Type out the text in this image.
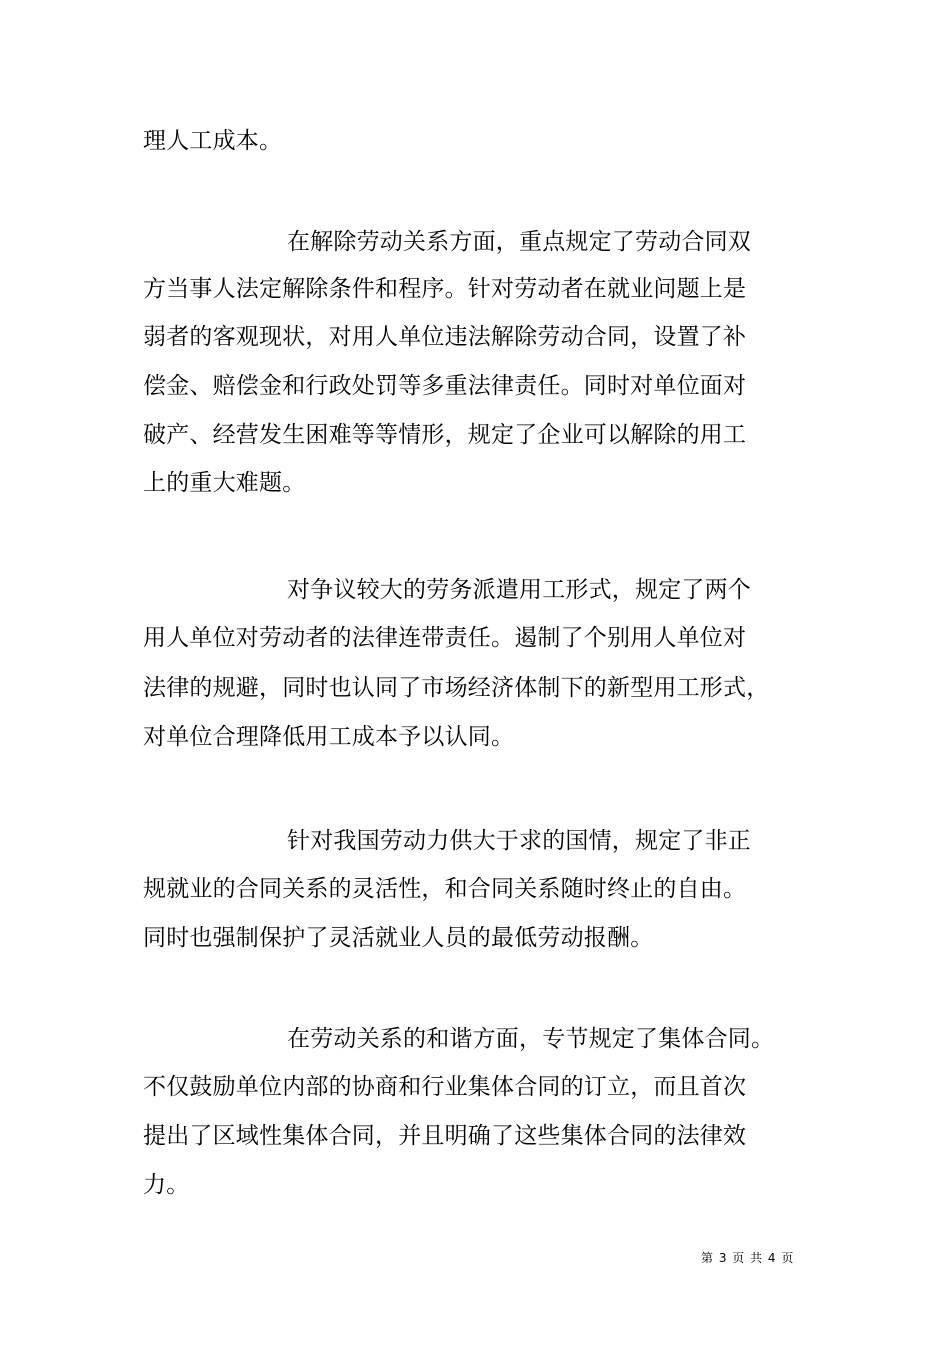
理人工成本。
在解除劳动关系方面，重点规定了劳动合同双
方当事人法定解除条件和程序。针对劳动者在就业问题上是
弱者的客观现状，对用人单位违法解除劳动合同，设置了补
偿金、赔偿金和行政处罚等多重法律责任。同时对单位面对
破产、经营发生困难等等情形，规定了企业可以解除的用工
上的重大难题。
对争议较大的劳务派遣用工形式，规定了两个
用人单位对劳动者的法律连带责任。遏制了个别用人单位对
法律的规避，同时也认同了市场经济体制下的新型用工形式，
对单位合理降低用工成本予以认同。
针对我国劳动力供大于求的国情，规定了非正
规就业的合同关系的灵活性，和合同关系随时终止的自由。
同时也强制保护了灵活就业人员的最低劳动报酬。
在劳动关系的和谐方面，专节规定了集体合同。
不仅鼓励单位内部的协商和行业集体合同的订立，而且首次
提出了区域性集体合同，并且明确了这些集体合同的法律效
力。
第 3 页 共 4 页
